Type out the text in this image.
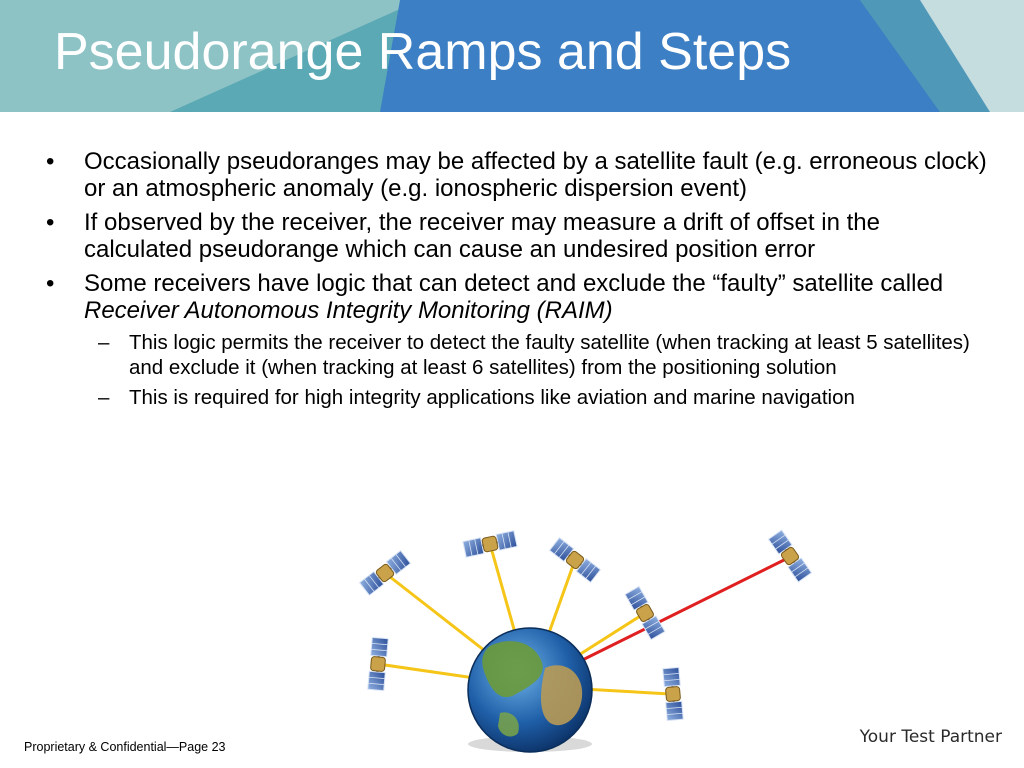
Pseudorange Ramps and Steps
• Occasionally pseudoranges may be affected by a satellite fault (e.g. erroneous clock) or an atmospheric anomaly (e.g. ionospheric dispersion event)
• If observed by the receiver, the receiver may measure a drift of offset in the calculated pseudorange which can cause an undesired position error
• Some receivers have logic that can detect and exclude the “faulty” satellite called Receiver Autonomous Integrity Monitoring (RAIM)
– This logic permits the receiver to detect the faulty satellite (when tracking at least 5 satellites) and exclude it (when tracking at least 6 satellites) from the positioning solution
– This is required for high integrity applications like aviation and marine navigation
Proprietary & Confidential—Page 23	Your Test Partner
